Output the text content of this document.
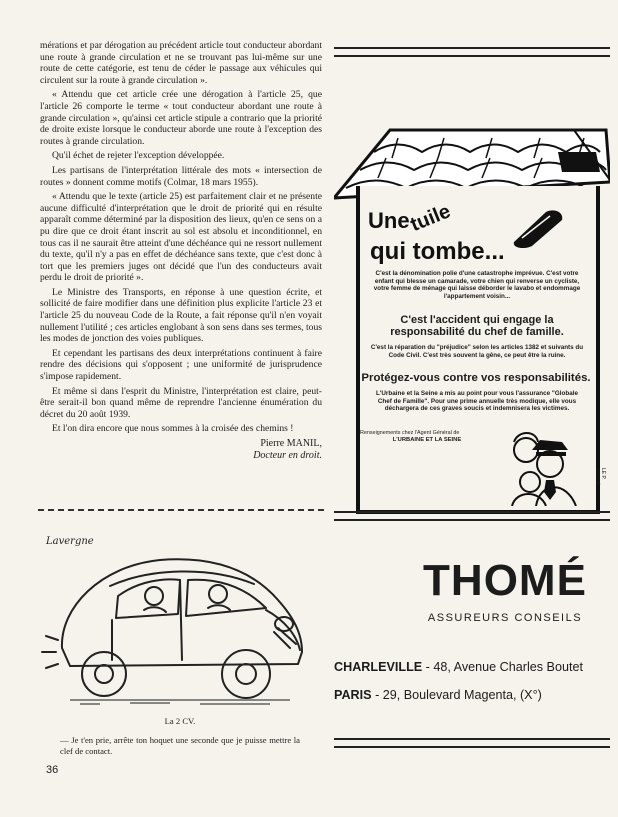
mérations et par dérogation au précédent article tout conducteur abordant une route à grande circulation et ne se trouvant pas lui-même sur une route de cette catégorie, est tenu de céder le passage aux véhicules qui circulent sur la route à grande circulation ».

« Attendu que cet article crée une dérogation à l'article 25, que l'article 26 comporte le terme « tout conducteur abordant une route à grande circulation », qu'ainsi cet article stipule a contrario que la priorité de droite existe lorsque le conducteur aborde une route à l'exception des routes à grande circulation.

Qu'il échet de rejeter l'exception développée.

Les partisans de l'interprétation littérale des mots « intersection de routes » donnent comme motifs (Colmar, 18 mars 1955).

« Attendu que le texte (article 25) est parfaitement clair et ne présente aucune difficulté d'interprétation que le droit de priorité qui en résulte apparaît comme déterminé par la disposition des lieux, qu'en ce sens on a pu dire que ce droit étant inscrit au sol est absolu et inconditionnel, en tous cas il ne saurait être atteint d'une déchéance qui ne ressort nullement du texte, qu'il n'y a pas en effet de déchéance sans texte, que c'est donc à tort que les premiers juges ont décidé que l'un des conducteurs avait perdu le droit de priorité ».

Le Ministre des Transports, en réponse à une question écrite, et sollicité de faire modifier dans une définition plus explicite l'article 23 et l'article 25 du nouveau Code de la Route, a fait réponse qu'il n'en voyait nullement l'utilité ; ces articles englobant à son sens dans ses termes, tous les modes de jonction des voies publiques.

Et cependant les partisans des deux interprétations continuent à faire rendre des décisions qui s'opposent ; une uniformité de jurisprudence s'impose rapidement.

Et même si dans l'esprit du Ministre, l'interprétation est claire, peut-être serait-il bon quand même de reprendre l'ancienne énumération du décret du 20 août 1939.

Et l'on dira encore que nous sommes à la croisée des chemins !

Pierre MANIL,
Docteur en droit.
Lavergne
La 2 CV.
— Je t'en prie, arrête ton hoquet une seconde que je puisse mettre la clef de contact.
36
Une
tuile
qui tombe...
C'est la dénomination polie d'une catastrophe imprévue. C'est votre enfant qui blesse un camarade, votre chien qui renverse un cycliste, votre femme de ménage qui laisse déborder le lavabo et endommage l'appartement voisin...
C'est l'accident qui engage la responsabilité du chef de famille.
C'est la réparation du "préjudice" selon les articles 1382 et suivants du Code Civil. C'est très souvent la gêne, ce peut être la ruine.
Protégez-vous contre vos responsabilités.
L'Urbaine et la Seine a mis au point pour vous l'assurance "Globale Chef de Famille". Pour une prime annuelle très modique, elle vous déchargera de ces graves soucis et indemnisera les victimes.
Renseignements chez l'Agent Général de
L'URBAINE ET LA SEINE
LE P. CARRÉ
THOMÉ
ASSUREURS CONSEILS
CHARLEVILLE - 48, Avenue Charles Boutet
PARIS - 29, Boulevard Magenta, (X°)
